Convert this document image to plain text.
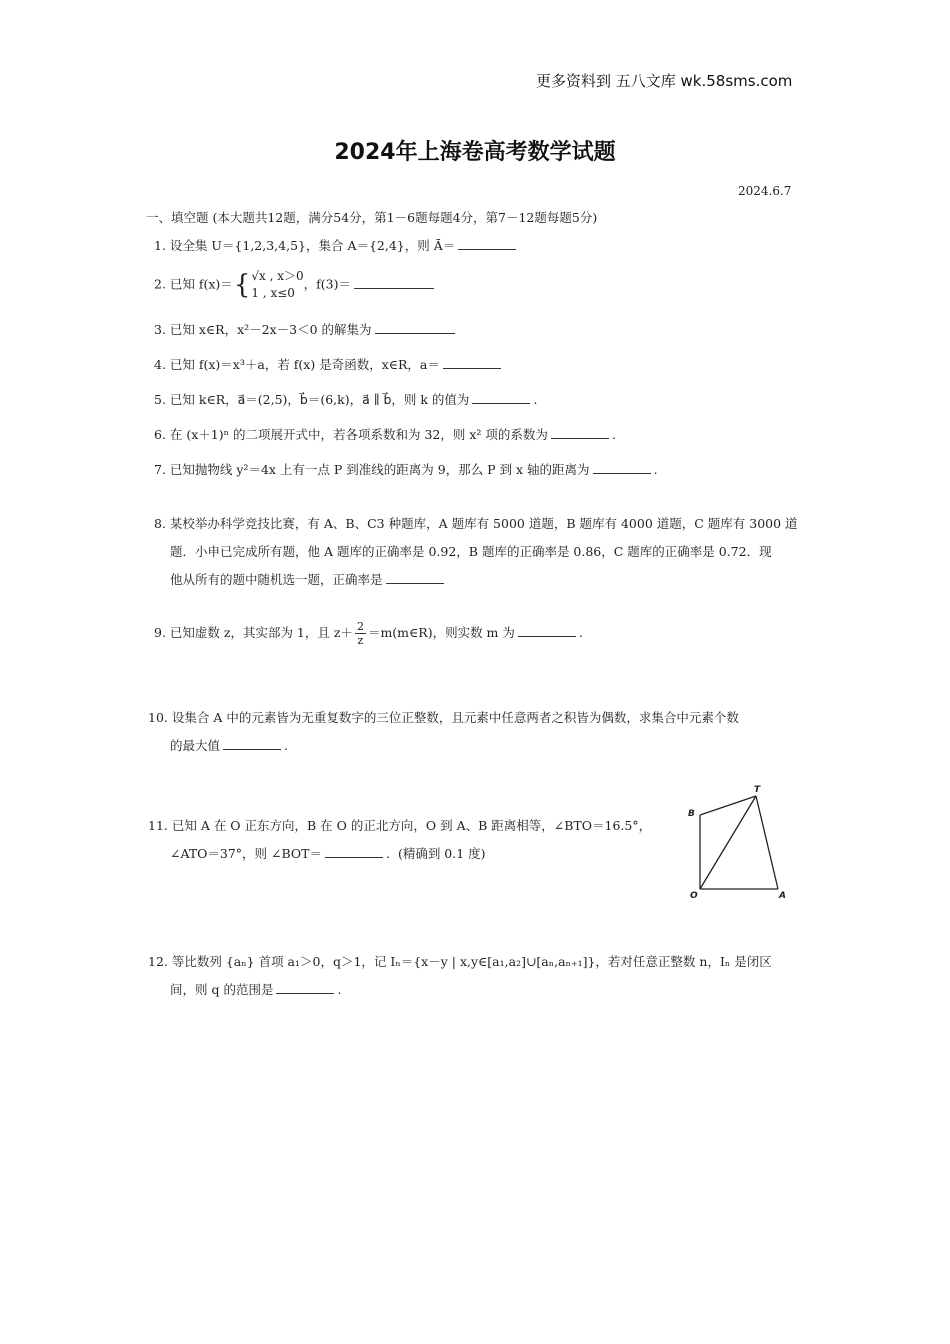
更多资料到 五八文库 wk.58sms.com
2024年上海卷高考数学试题
2024.6.7
一、填空题 (本大题共12题，满分54分，第1－6题每题4分，第7－12题每题5分)
1. 设全集 U＝{1,2,3,4,5}，集合 A＝{2,4}，则 Ā＝
2. 已知 f(x)＝{ √x , x＞0
1 , x≤0
，f(3)＝
3. 已知 x∈R，x²－2x－3＜0 的解集为
4. 已知 f(x)＝x³＋a，若 f(x) 是奇函数，x∈R，a＝
5. 已知 k∈R，a⃗＝(2,5)，b⃗＝(6,k)，a⃗ ∥ b⃗，则 k 的值为	.
6. 在 (x＋1)ⁿ 的二项展开式中，若各项系数和为 32，则 x² 项的系数为	.
7. 已知抛物线 y²＝4x 上有一点 P 到准线的距离为 9，那么 P 到 x 轴的距离为	.
8. 某校举办科学竞技比赛，有 A、B、C3 种题库，A 题库有 5000 道题，B 题库有 4000 道题，C 题库有 3000 道
题．小申已完成所有题，他 A 题库的正确率是 0.92，B 题库的正确率是 0.86，C 题库的正确率是 0.72．现
他从所有的题中随机选一题，正确率是
9. 已知虚数 z，其实部为 1，且 $z+ \frac{2}{z}$ ＝m(m∈R)，则实数 m 为	.
10. 设集合 A 中的元素皆为无重复数字的三位正整数，且元素中任意两者之积皆为偶数，求集合中元素个数
的最大值	.
11. 已知 A 在 O 正东方向，B 在 O 的正北方向，O 到 A、B 距离相等，∠BTO＝16.5°，
∠ATO＝37°，则 ∠BOT＝	.  (精确到 0.1 度)
B
T
O	A
12. 等比数列 {aₙ} 首项 a₁＞0，q＞1，记 Iₙ＝{x－y | x,y∈[a₁,a₂]∪[aₙ,aₙ₊₁]}，若对任意正整数 n，Iₙ 是闭区
间，则 q 的范围是	.
